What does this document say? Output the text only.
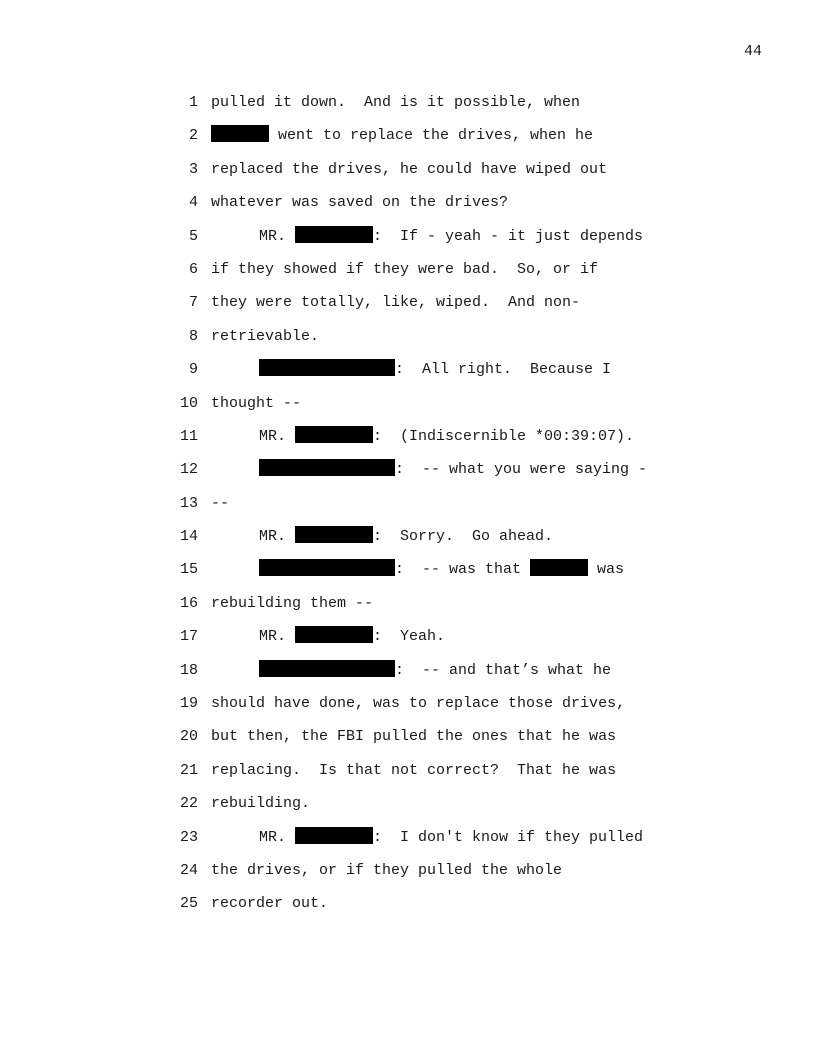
44

1

pulled it down.  And is it possible, when

2

	went to replace the drives, when he

3

replaced the drives, he could have wiped out

4

whatever was saved on the drives?

5

	MR.	:  If - yeah - it just depends

6

if they showed if they were bad.  So, or if

7

they were totally, like, wiped.  And non-

8

retrievable.

9

	:  All right.  Because I

10

thought --

11

	MR.	:  (Indiscernible *00:39:07).

12

	:  -- what you were saying -

13

--

14

	MR.	:  Sorry.  Go ahead.

15

	:  -- was that	was

16

rebuilding them --

17

	MR.	:  Yeah.

18

	:  -- and that’s what he

19

should have done, was to replace those drives,

20

but then, the FBI pulled the ones that he was

21

replacing.  Is that not correct?  That he was

22

rebuilding.

23

	MR.	:  I don't know if they pulled

24

the drives, or if they pulled the whole

25

recorder out.
